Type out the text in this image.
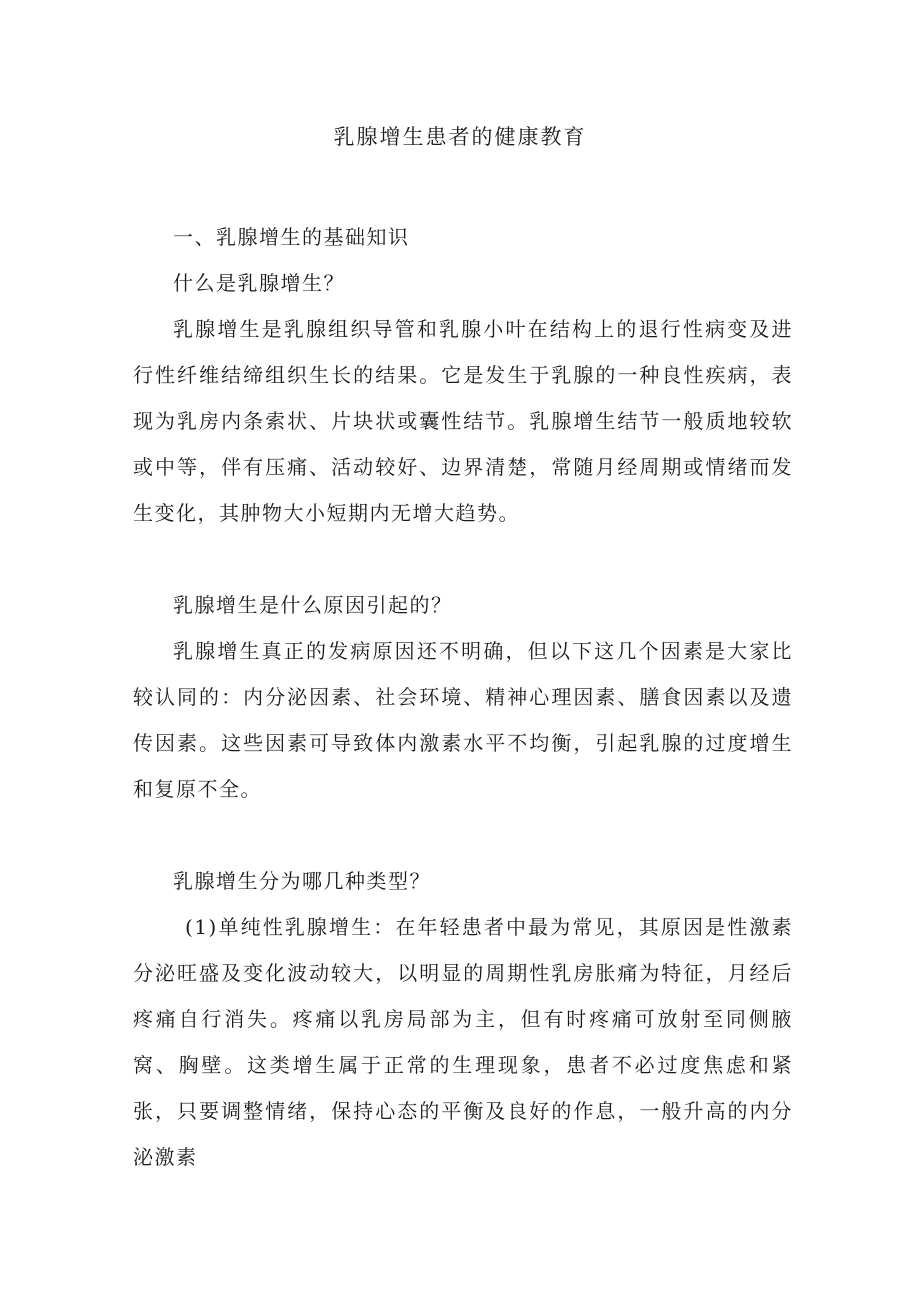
乳腺增生患者的健康教育

一、乳腺增生的基础知识

什么是乳腺增生？

乳腺增生是乳腺组织导管和乳腺小叶在结构上的退行性病变及进行性纤维结缔组织生长的结果。它是发生于乳腺的一种良性疾病，表现为乳房内条索状、片块状或囊性结节。乳腺增生结节一般质地较软或中等，伴有压痛、活动较好、边界清楚，常随月经周期或情绪而发生变化，其肿物大小短期内无增大趋势。

乳腺增生是什么原因引起的？

乳腺增生真正的发病原因还不明确，但以下这几个因素是大家比较认同的：内分泌因素、社会环境、精神心理因素、膳食因素以及遗传因素。这些因素可导致体内激素水平不均衡，引起乳腺的过度增生和复原不全。

乳腺增生分为哪几种类型？

(1)单纯性乳腺增生：在年轻患者中最为常见，其原因是性激素分泌旺盛及变化波动较大，以明显的周期性乳房胀痛为特征，月经后疼痛自行消失。疼痛以乳房局部为主，但有时疼痛可放射至同侧腋窝、胸壁。这类增生属于正常的生理现象，患者不必过度焦虑和紧张，只要调整情绪，保持心态的平衡及良好的作息，一般升高的内分泌激素
